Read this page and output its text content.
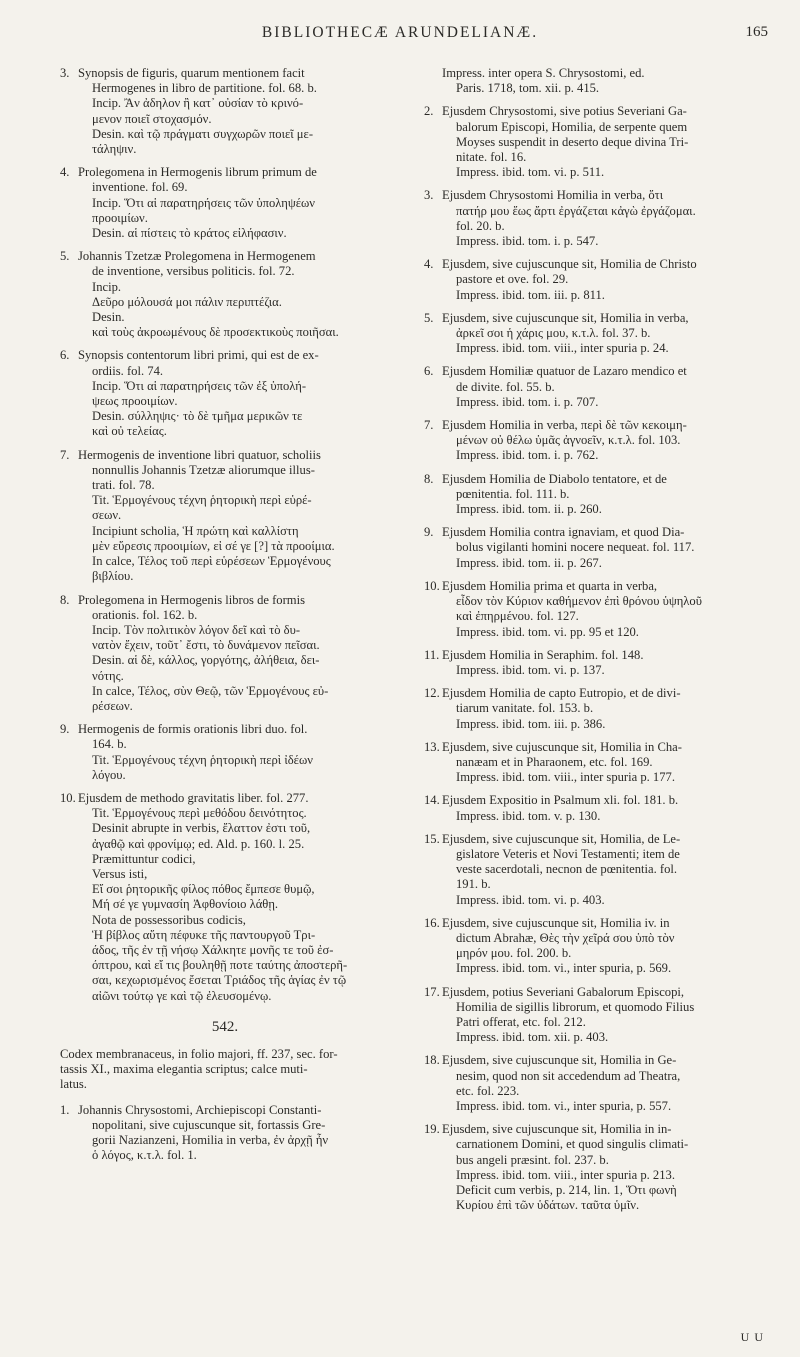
BIBLIOTHECÆ ARUNDELIANÆ.	165
3. Synopsis de figuris, quarum mentionem facit
Hermogenes in libro de partitione. fol. 68. b.
Incip. Ἂν ἀδηλον ἢ κατ᾽ οὐσίαν τὸ κρινό-
μενον ποιεῖ στοχασμόν.
Desin. καὶ τῷ πράγματι συγχωρῶν ποιεῖ με-
τάληψιν.
4. Prolegomena in Hermogenis librum primum de
inventione. fol. 69.
Incip. Ὅτι αἱ παρατηρήσεις τῶν ὑποληψέων
προοιμίων.
Desin. αἱ πίστεις τὸ κράτος εἰλήφασιν.
5. Johannis Tzetzæ Prolegomena in Hermogenem
de inventione, versibus politicis. fol. 72.
Incip.
Δεῦρο μόλουσά μοι πάλιν περιπτέζια.
Desin.
καὶ τοὺς ἀκροωμένους δὲ προσεκτικοὺς ποιῆσαι.
6. Synopsis contentorum libri primi, qui est de ex-
ordiis. fol. 74.
Incip. Ὅτι αἱ παρατηρήσεις τῶν ἐξ ὑπολή-
ψεως προοιμίων.
Desin. σύλληψις· τὸ δὲ τμῆμα μερικῶν τε
καὶ οὐ τελείας.
7. Hermogenis de inventione libri quatuor, scholiis
nonnullis Johannis Tzetzæ aliorumque illus-
trati. fol. 78.
Tit. Ἑρμογένους τέχνη ῥητορικὴ περὶ εὑρέ-
σεων.
Incipiunt scholia, Ἡ πρώτη καὶ καλλίστη
μὲν εὕρεσις προοιμίων, εἰ σέ γε [?] τὰ προοίμια.
In calce, Τέλος τοῦ περὶ εὑρέσεων Ἑρμογένους
βιβλίου.
8. Prolegomena in Hermogenis libros de formis
orationis. fol. 162. b.
Incip. Τὸν πολιτικὸν λόγον δεῖ καὶ τὸ δυ-
νατὸν ἔχειν, τοῦτ᾽ ἔστι, τὸ δυνάμενον πεῖσαι.
Desin. αἱ δὲ, κάλλος, γοργότης, ἀλήθεια, δει-
νότης.
In calce, Τέλος, σὺν Θεῷ, τῶν Ἑρμογένους εὐ-
ρέσεων.
9. Hermogenis de formis orationis libri duo. fol.
164. b.
Tit. Ἑρμογένους τέχνη ῥητορικὴ περὶ ἰδέων
λόγου.
10. Ejusdem de methodo gravitatis liber. fol. 277.
Tit. Ἑρμογένους περὶ μεθόδου δεινότητος.
Desinit abrupte in verbis, ἔλαττον ἐστι τοῦ,
ἀγαθῷ καὶ φρονίμῳ; ed. Ald. p. 160. l. 25.
Præmittuntur codici,
Versus isti,
Εἴ σοι ῥητορικῆς φίλος πόθος ἔμπεσε θυμῷ,
Μή σέ γε γυμνασίη Ἀφθονίοιο λάθῃ.
Nota de possessoribus codicis,
Ἡ βίβλος αὕτη πέφυκε τῆς παντουργοῦ Τρι-
άδος, τῆς ἐν τῇ νήσῳ Χάλκητε μονῆς τε τοῦ ἐσ-
όπτρου, καὶ εἴ τις βουληθῇ ποτε ταύτης ἀποστερῆ-
σαι, κεχωρισμένος ἔσεται Τριάδος τῆς ἁγίας ἐν τῷ
αἰῶνι τούτῳ γε καὶ τῷ ἐλευσομένῳ.
542.
Codex membranaceus, in folio majori, ff. 237, sec. for-
tassis XI., maxima elegantia scriptus; calce muti-
latus.
1. Johannis Chrysostomi, Archiepiscopi Constanti-
nopolitani, sive cujuscunque sit, fortassis Gre-
gorii Nazianzeni, Homilia in verba, ἐν ἀρχῇ ἦν
ὁ λόγος, κ.τ.λ. fol. 1.
Impress. inter opera S. Chrysostomi, ed.
Paris. 1718, tom. xii. p. 415.
2. Ejusdem Chrysostomi, sive potius Severiani Ga-
balorum Episcopi, Homilia, de serpente quem
Moyses suspendit in deserto deque divina Tri-
nitate. fol. 16.
Impress. ibid. tom. vi. p. 511.
3. Ejusdem Chrysostomi Homilia in verba, ὅτι
πατήρ μου ἕως ἄρτι ἐργάζεται κἀγὼ ἐργάζομαι.
fol. 20. b.
Impress. ibid. tom. i. p. 547.
4. Ejusdem, sive cujuscunque sit, Homilia de Christo
pastore et ove. fol. 29.
Impress. ibid. tom. iii. p. 811.
5. Ejusdem, sive cujuscunque sit, Homilia in verba,
ἀρκεῖ σοι ἡ χάρις μου, κ.τ.λ. fol. 37. b.
Impress. ibid. tom. viii., inter spuria p. 24.
6. Ejusdem Homiliæ quatuor de Lazaro mendico et
de divite. fol. 55. b.
Impress. ibid. tom. i. p. 707.
7. Ejusdem Homilia in verba, περὶ δὲ τῶν κεκοιμη-
μένων οὐ θέλω ὑμᾶς ἀγνοεῖν, κ.τ.λ. fol. 103.
Impress. ibid. tom. i. p. 762.
8. Ejusdem Homilia de Diabolo tentatore, et de
pœnitentia. fol. 111. b.
Impress. ibid. tom. ii. p. 260.
9. Ejusdem Homilia contra ignaviam, et quod Dia-
bolus vigilanti homini nocere nequeat. fol. 117.
Impress. ibid. tom. ii. p. 267.
10. Ejusdem Homilia prima et quarta in verba,
εἶδον τὸν Κύριον καθήμενον ἐπὶ θρόνου ὑψηλοῦ
καὶ ἐπηρμένου. fol. 127.
Impress. ibid. tom. vi. pp. 95 et 120.
11. Ejusdem Homilia in Seraphim. fol. 148.
Impress. ibid. tom. vi. p. 137.
12. Ejusdem Homilia de capto Eutropio, et de divi-
tiarum vanitate. fol. 153. b.
Impress. ibid. tom. iii. p. 386.
13. Ejusdem, sive cujuscunque sit, Homilia in Cha-
nanæam et in Pharaonem, etc. fol. 169.
Impress. ibid. tom. viii., inter spuria p. 177.
14. Ejusdem Expositio in Psalmum xli. fol. 181. b.
Impress. ibid. tom. v. p. 130.
15. Ejusdem, sive cujuscunque sit, Homilia, de Le-
gislatore Veteris et Novi Testamenti; item de
veste sacerdotali, necnon de pœnitentia. fol.
191. b.
Impress. ibid. tom. vi. p. 403.
16. Ejusdem, sive cujuscunque sit, Homilia iv. in
dictum Abrahæ, Θὲς τὴν χεῖρά σου ὑπὸ τὸν
μηρόν μου. fol. 200. b.
Impress. ibid. tom. vi., inter spuria, p. 569.
17. Ejusdem, potius Severiani Gabalorum Episcopi,
Homilia de sigillis librorum, et quomodo Filius
Patri offerat, etc. fol. 212.
Impress. ibid. tom. xii. p. 403.
18. Ejusdem, sive cujuscunque sit, Homilia in Ge-
nesim, quod non sit accedendum ad Theatra,
etc. fol. 223.
Impress. ibid. tom. vi., inter spuria, p. 557.
19. Ejusdem, sive cujuscunque sit, Homilia in in-
carnationem Domini, et quod singulis climati-
bus angeli præsint. fol. 237. b.
Impress. ibid. tom. viii., inter spuria p. 213.
Deficit cum verbis, p. 214, lin. 1, Ὅτι φωνὴ
Κυρίου ἐπὶ τῶν ὑδάτων. ταῦτα ὑμῖν.
U U
